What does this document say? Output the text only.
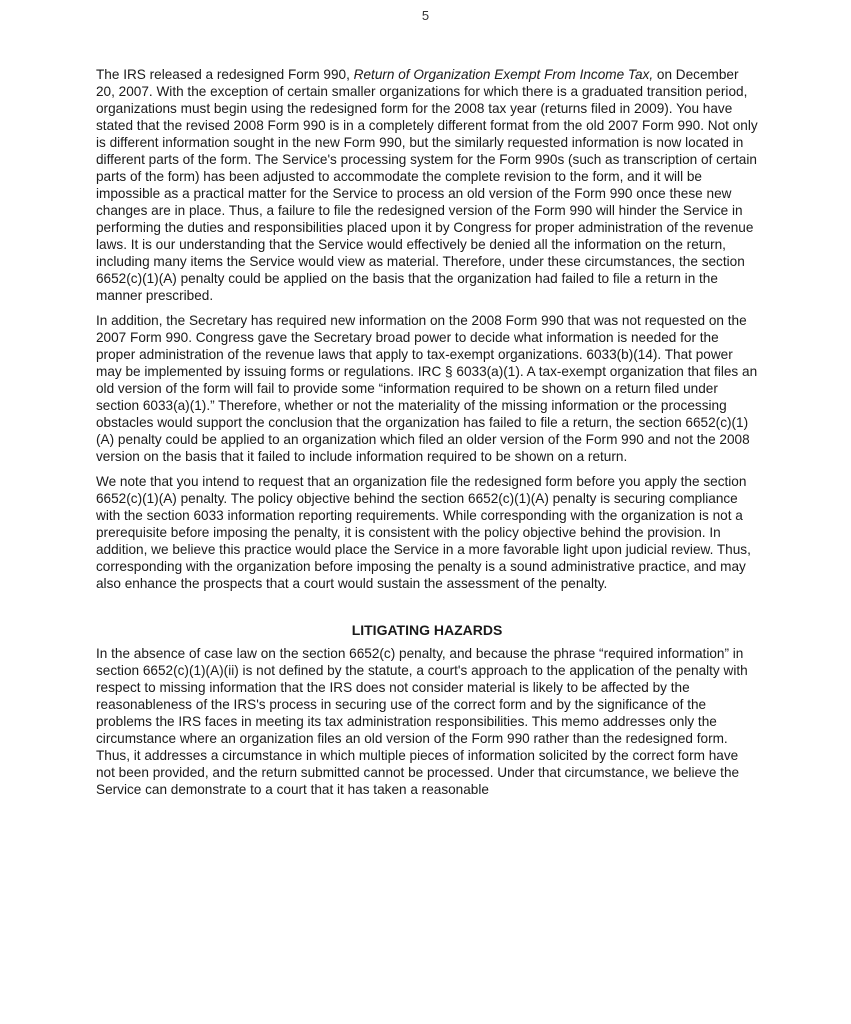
5

The IRS released a redesigned Form 990, Return of Organization Exempt From Income Tax, on December 20, 2007. With the exception of certain smaller organizations for which there is a graduated transition period, organizations must begin using the redesigned form for the 2008 tax year (returns filed in 2009). You have stated that the revised 2008 Form 990 is in a completely different format from the old 2007 Form 990. Not only is different information sought in the new Form 990, but the similarly requested information is now located in different parts of the form. The Service's processing system for the Form 990s (such as transcription of certain parts of the form) has been adjusted to accommodate the complete revision to the form, and it will be impossible as a practical matter for the Service to process an old version of the Form 990 once these new changes are in place. Thus, a failure to file the redesigned version of the Form 990 will hinder the Service in performing the duties and responsibilities placed upon it by Congress for proper administration of the revenue laws. It is our understanding that the Service would effectively be denied all the information on the return, including many items the Service would view as material. Therefore, under these circumstances, the section 6652(c)(1)(A) penalty could be applied on the basis that the organization had failed to file a return in the manner prescribed.

In addition, the Secretary has required new information on the 2008 Form 990 that was not requested on the 2007 Form 990. Congress gave the Secretary broad power to decide what information is needed for the proper administration of the revenue laws that apply to tax-exempt organizations. 6033(b)(14). That power may be implemented by issuing forms or regulations. IRC § 6033(a)(1). A tax-exempt organization that files an old version of the form will fail to provide some “information required to be shown on a return filed under section 6033(a)(1).” Therefore, whether or not the materiality of the missing information or the processing obstacles would support the conclusion that the organization has failed to file a return, the section 6652(c)(1)(A) penalty could be applied to an organization which filed an older version of the Form 990 and not the 2008 version on the basis that it failed to include information required to be shown on a return.

We note that you intend to request that an organization file the redesigned form before you apply the section 6652(c)(1)(A) penalty. The policy objective behind the section 6652(c)(1)(A) penalty is securing compliance with the section 6033 information reporting requirements. While corresponding with the organization is not a prerequisite before imposing the penalty, it is consistent with the policy objective behind the provision. In addition, we believe this practice would place the Service in a more favorable light upon judicial review. Thus, corresponding with the organization before imposing the penalty is a sound administrative practice, and may also enhance the prospects that a court would sustain the assessment of the penalty.

LITIGATING HAZARDS

In the absence of case law on the section 6652(c) penalty, and because the phrase “required information” in section 6652(c)(1)(A)(ii) is not defined by the statute, a court's approach to the application of the penalty with respect to missing information that the IRS does not consider material is likely to be affected by the reasonableness of the IRS's process in securing use of the correct form and by the significance of the problems the IRS faces in meeting its tax administration responsibilities. This memo addresses only the circumstance where an organization files an old version of the Form 990 rather than the redesigned form. Thus, it addresses a circumstance in which multiple pieces of information solicited by the correct form have not been provided, and the return submitted cannot be processed. Under that circumstance, we believe the Service can demonstrate to a court that it has taken a reasonable
